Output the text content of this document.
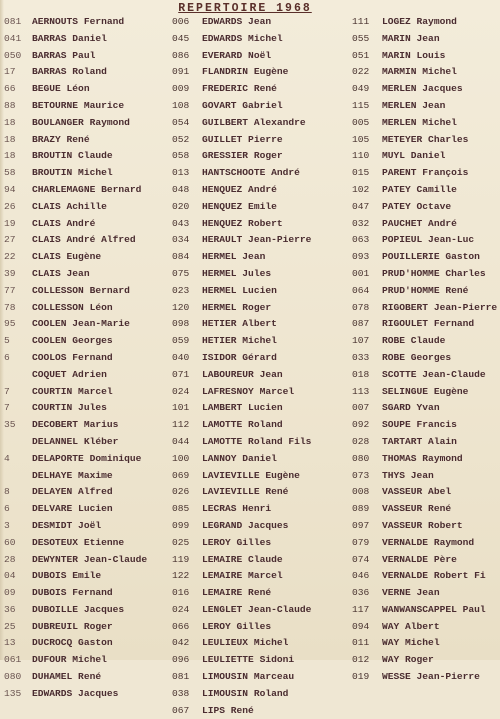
REPERTOIRE 1968
081 AERNOUTS Fernand
041 BARRAS Daniel
050 BARRAS Paul
17 BARRAS Roland
66 BEGUE Léon
88 BETOURNE Maurice
18 BOULANGER Raymond
18 BRAZY René
18 BROUTIN Claude
58 BROUTIN Michel
94 CHARLEMAGNE Bernard
26 CLAIS Achille
19 CLAIS André
27 CLAIS André Alfred
22 CLAIS Eugène
39 CLAIS Jean
77 COLLESSON Bernard
78 COLLESSON Léon
95 COOLEN Jean-Marie
5 COOLEN Georges
6 COOLOS Fernand
COQUET Adrien
7 COURTIN Marcel
7 COURTIN Jules
35 DECOBERT Marius
DELANNEL Kléber
4 DELAPORTE Dominique
DELHAYE Maxime
8 DELAYEN Alfred
6 DELVARE Lucien
3 DESMIDT Joël
60 DESOTEUX Etienne
28 DEWYNTER Jean-Claude
04 DUBOIS Emile
09 DUBOIS Fernand
36 DUBOILLE Jacques
25 DUBREUIL Roger
13 DUCROCQ Gaston
061 DUFOUR Michel
080 DUHAMEL René
135 EDWARDS Jacques
006 EDWARDS Jean
045 EDWARDS Michel
086 EVERARD Noël
091 FLANDRIN Eugène
009 FREDERIC René
108 GOVART Gabriel
054 GUILBERT Alexandre
052 GUILLET Pierre
058 GRESSIER Roger
013 HANTSCHOOTE André
048 HENQUEZ André
020 HENQUEZ Emile
043 HENQUEZ Robert
034 HERAULT Jean-Pierre
084 HERMEL Jean
075 HERMEL Jules
023 HERMEL Lucien
120 HERMEL Roger
098 HETIER Albert
059 HETIER Michel
040 ISIDOR Gérard
071 LABOUREUR Jean
024 LAFRESNOY Marcel
101 LAMBERT Lucien
112 LAMOTTE Roland
044 LAMOTTE Roland Fils
100 LANNOY Daniel
069 LAVIEVILLE Eugène
026 LAVIEVILLE René
085 LECRAS Henri
099 LEGRAND Jacques
025 LEROY Gilles
119 LEMAIRE Claude
122 LEMAIRE Marcel
016 LEMAIRE René
024 LENGLET Jean-Claude
066 LEROY Gilles
042 LEULIEUX Michel
096 LEULIETTE Sidoni
081 LIMOUSIN Marceau
038 LIMOUSIN Roland
067 LIPS René
111 LOGEZ Raymond
055 MARIN Jean
051 MARIN Louis
022 MARMIN Michel
049 MERLEN Jacques
115 MERLEN Jean
005 MERLEN Michel
105 METEYER Charles
110 MUYL Daniel
015 PARENT François
102 PATEY Camille
047 PATEY Octave
032 PAUCHET André
063 POPIEUL Jean-Luc
093 POUILLERIE Gaston
001 PRUD'HOMME Charles
064 PRUD'HOMME René
078 RIGOBERT Jean-Pierre
087 RIGOULET Fernand
107 ROBE Claude
033 ROBE Georges
018 SCOTTE Jean-Claude
113 SELINGUE Eugène
007 SGARD Yvan
092 SOUPE Francis
028 TARTART Alain
080 THOMAS Raymond
073 THYS Jean
008 VASSEUR Abel
089 VASSEUR René
097 VASSEUR Robert
079 VERNALDE Raymond
074 VERNALDE Père
046 VERNALDE Robert Fi
036 VERNE Jean
117 WANWANSCAPPEL Paul
094 WAY Albert
011 WAY Michel
012 WAY Roger
019 WESSE Jean-Pierre
